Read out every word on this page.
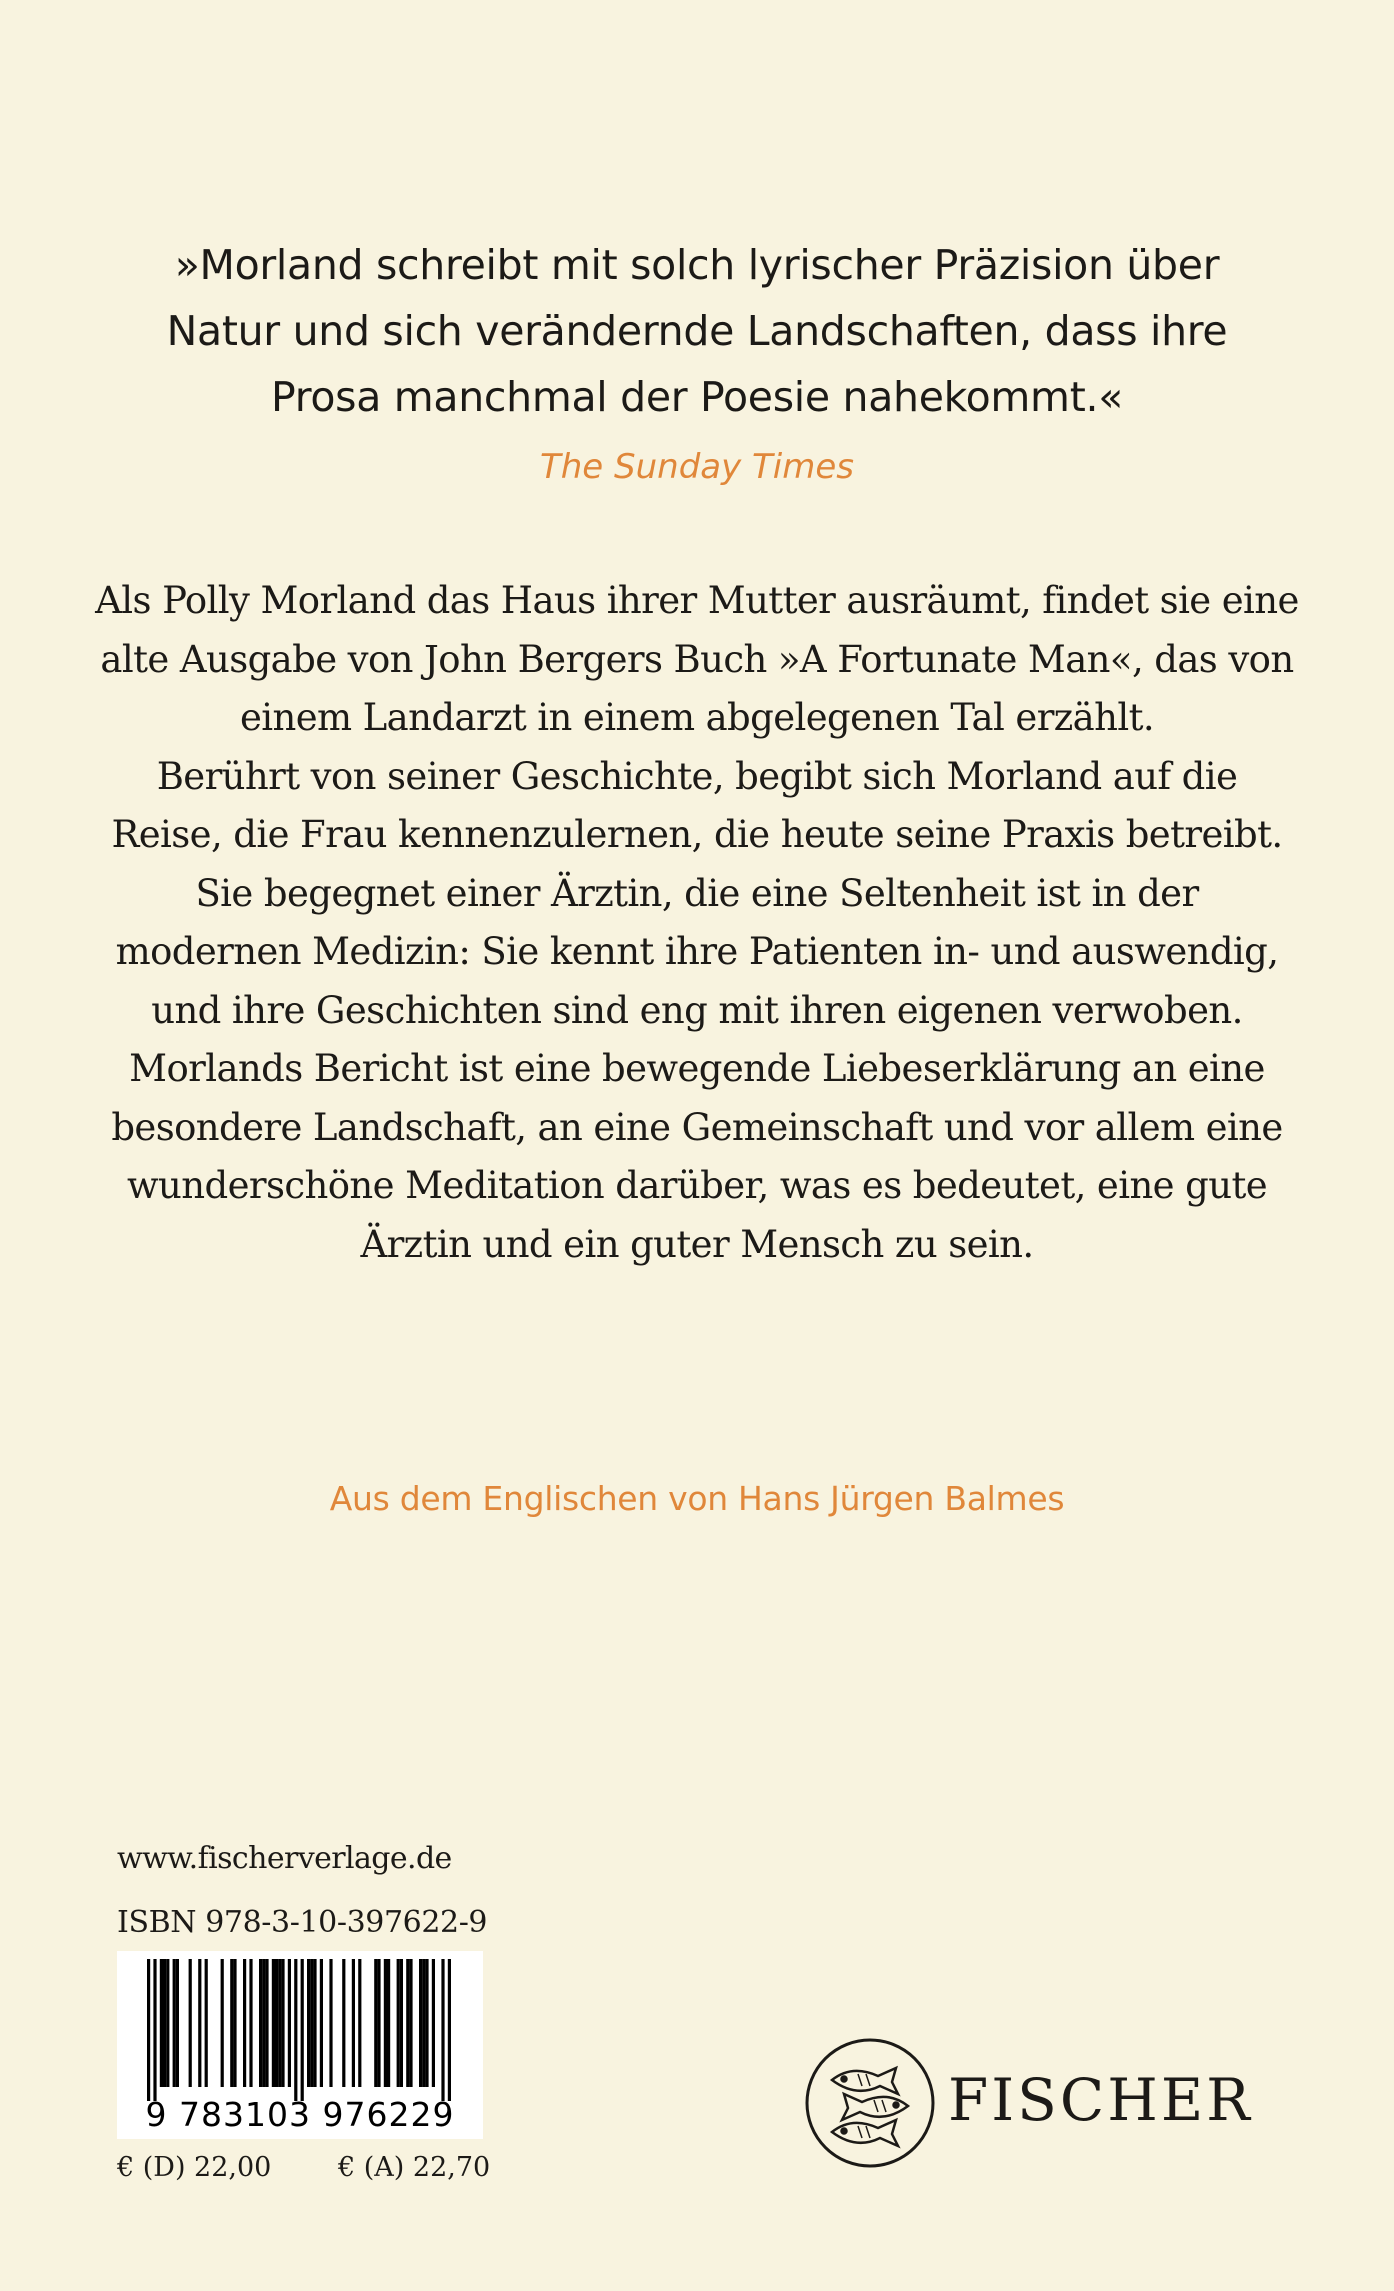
»Morland schreibt mit solch lyrischer Präzision über
Natur und sich verändernde Landschaften, dass ihre
Prosa manchmal der Poesie nahekommt.«
The Sunday Times
Als Polly Morland das Haus ihrer Mutter ausräumt, findet sie eine
alte Ausgabe von John Bergers Buch »A Fortunate Man«, das von
einem Landarzt in einem abgelegenen Tal erzählt.
Berührt von seiner Geschichte, begibt sich Morland auf die
Reise, die Frau kennenzulernen, die heute seine Praxis betreibt.
Sie begegnet einer Ärztin, die eine Seltenheit ist in der
modernen Medizin: Sie kennt ihre Patienten in- und auswendig,
und ihre Geschichten sind eng mit ihren eigenen verwoben.
Morlands Bericht ist eine bewegende Liebeserklärung an eine
besondere Landschaft, an eine Gemeinschaft und vor allem eine
wunderschöne Meditation darüber, was es bedeutet, eine gute
Ärztin und ein guter Mensch zu sein.
Aus dem Englischen von Hans Jürgen Balmes
www.fischerverlage.de
ISBN 978-3-10-397622-9
9 783103 976229
€ (D) 22,00 € (A) 22,70
FISCHER
